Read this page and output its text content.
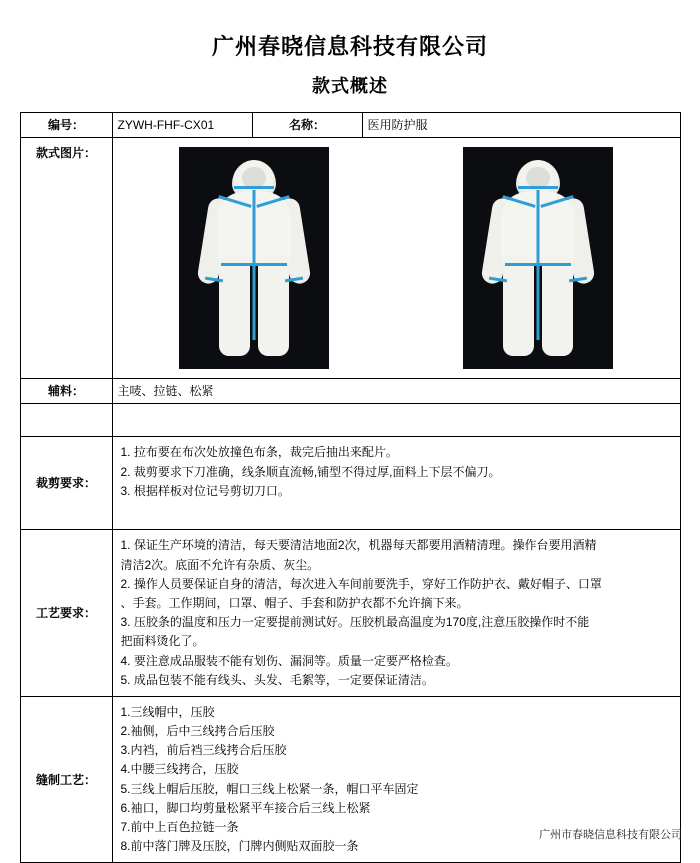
广州春晓信息科技有限公司
款式概述
编号：	ZYWH-FHF-CX01	名称：	医用防护服
款式图片：			

辅料：	主唛、拉链、松紧		

裁剪要求：	1. 拉布要在布次处放撞色布条，裁完后抽出来配片。
2. 裁剪要求下刀准确，线条顺直流畅,铺型不得过厚,面料上下层不偏刀。
3. 根据样板对位记号剪切刀口。		

工艺要求：	
1. 保证生产环境的清洁，每天要清洁地面2次，机器每天都要用酒精清理。操作台要用酒精
清洁2次。底面不允许有杂质、灰尘。
2. 操作人员要保证自身的清洁，每次进入车间前要洗手，穿好工作防护衣、戴好帽子、口罩
、手套。工作期间，口罩、帽子、手套和防护衣都不允许摘下来。
3. 压胶条的温度和压力一定要提前测试好。压胶机最高温度为170度,注意压胶操作时不能
把面料烫化了。
4. 要注意成品服装不能有划伤、漏洞等。质量一定要严格检查。
5. 成品包装不能有线头、头发、毛絮等，一定要保证清洁。

缝制工艺：	
1.三线帽中，压胶
2.袖侧，后中三线拷合后压胶
3.内裆，前后裆三线拷合后压胶
4.中腰三线拷合，压胶
5.三线上帽后压胶，帽口三线上松紧一条，帽口平车固定
6.袖口，脚口均剪量松紧平车接合后三线上松紧
7.前中上百色拉链一条
8.前中落门牌及压胶，门牌内侧贴双面胶一条
广州市春晓信息科技有限公司
